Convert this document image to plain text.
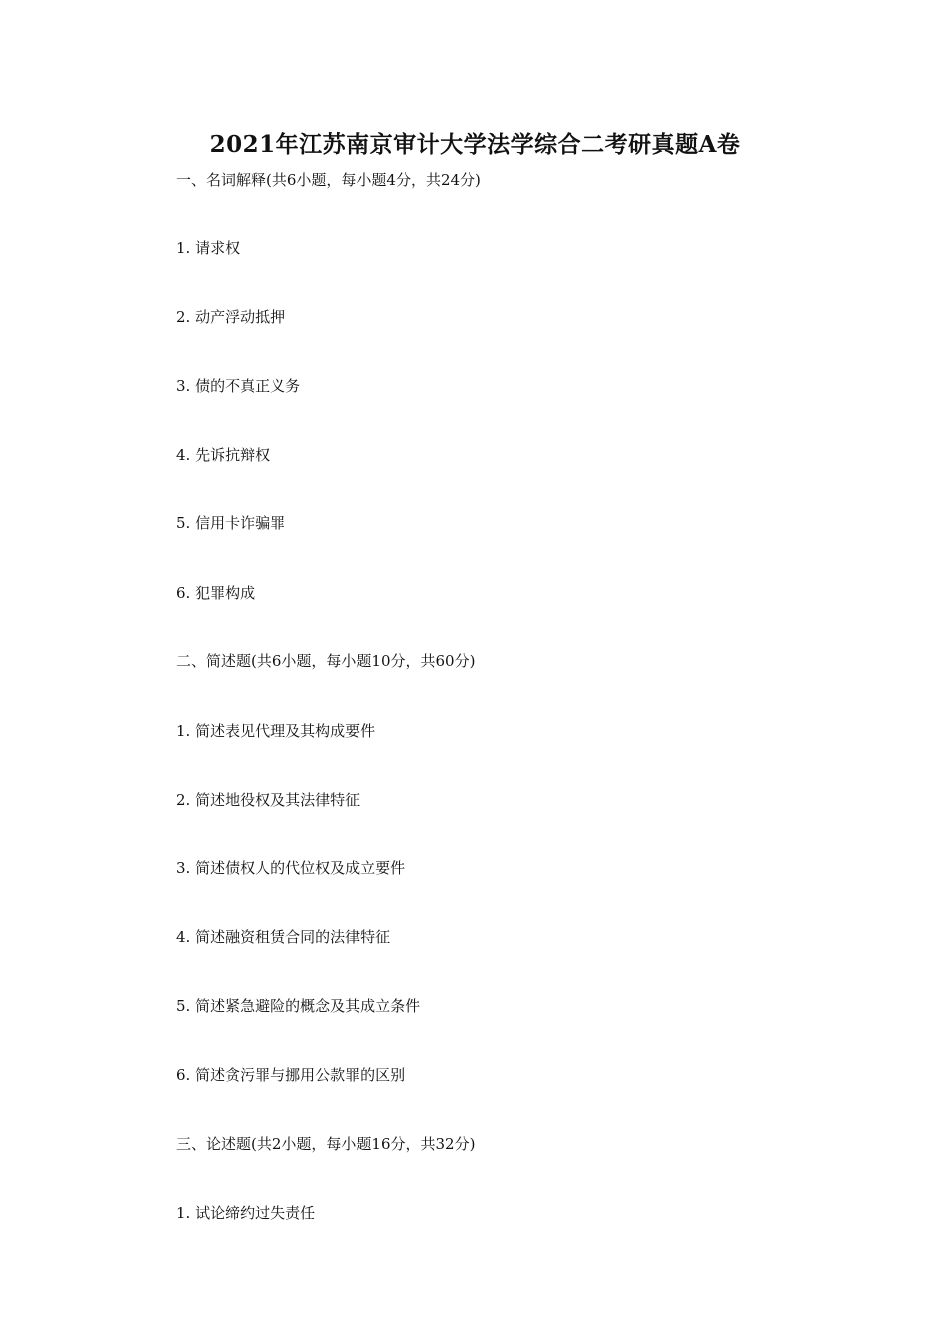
2021年江苏南京审计大学法学综合二考研真题A卷

一、名词解释(共6小题，每小题4分，共24分)

1. 请求权

2. 动产浮动抵押

3. 债的不真正义务

4. 先诉抗辩权

5. 信用卡诈骗罪

6. 犯罪构成

二、简述题(共6小题，每小题10分，共60分)

1. 简述表见代理及其构成要件

2. 简述地役权及其法律特征

3. 简述债权人的代位权及成立要件

4. 简述融资租赁合同的法律特征

5. 简述紧急避险的概念及其成立条件

6. 简述贪污罪与挪用公款罪的区别

三、论述题(共2小题，每小题16分，共32分)

1. 试论缔约过失责任
